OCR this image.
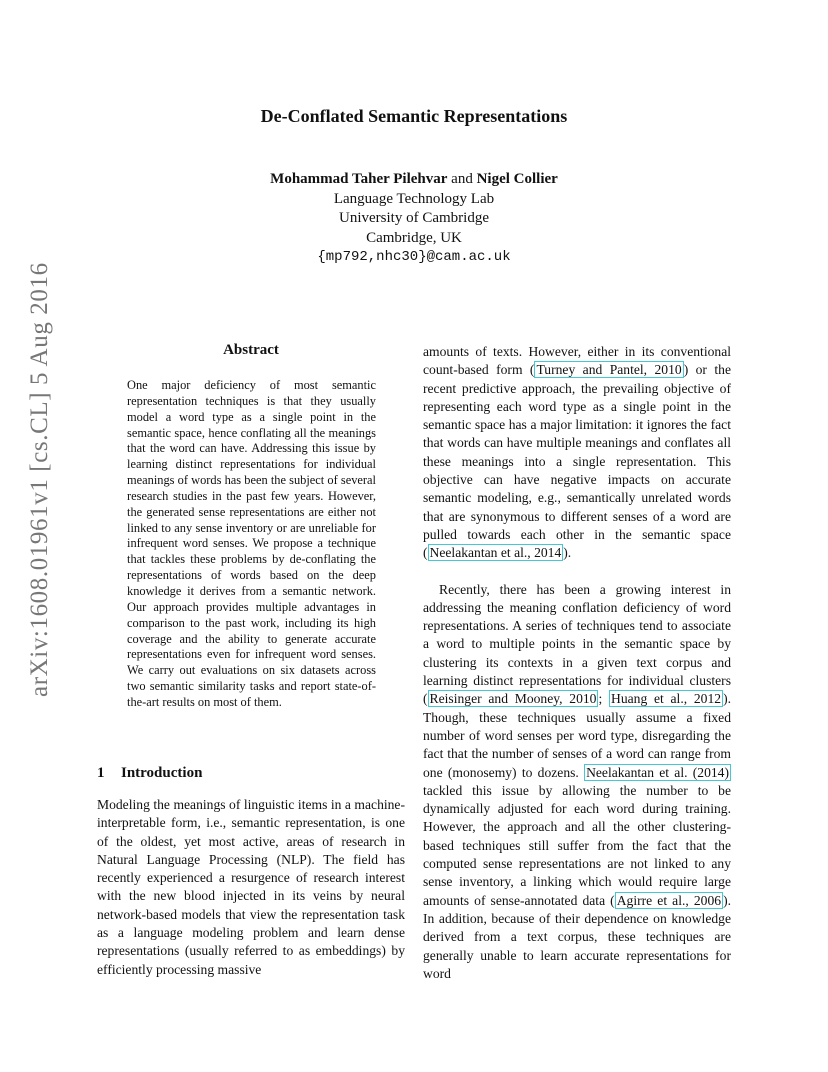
arXiv:1608.01961v1 [cs.CL] 5 Aug 2016
De-Conflated Semantic Representations
Mohammad Taher Pilehvar and Nigel Collier
Language Technology Lab
University of Cambridge
Cambridge, UK
{mp792,nhc30}@cam.ac.uk
Abstract
One major deficiency of most semantic representation techniques is that they usually model a word type as a single point in the semantic space, hence conflating all the meanings that the word can have. Addressing this issue by learning distinct representations for individual meanings of words has been the subject of several research studies in the past few years. However, the generated sense representations are either not linked to any sense inventory or are unreliable for infrequent word senses. We propose a technique that tackles these problems by de-conflating the representations of words based on the deep knowledge it derives from a semantic network. Our approach provides multiple advantages in comparison to the past work, including its high coverage and the ability to generate accurate representations even for infrequent word senses. We carry out evaluations on six datasets across two semantic similarity tasks and report state-of-the-art results on most of them.
1 Introduction
Modeling the meanings of linguistic items in a machine-interpretable form, i.e., semantic representation, is one of the oldest, yet most active, areas of research in Natural Language Processing (NLP). The field has recently experienced a resurgence of research interest with the new blood injected in its veins by neural network-based models that view the representation task as a language modeling problem and learn dense representations (usually referred to as embeddings) by efficiently processing massive

amounts of texts. However, either in its conventional count-based form ( Turney and Pantel, 2010 ) or the recent predictive approach, the prevailing objective of representing each word type as a single point in the semantic space has a major limitation: it ignores the fact that words can have multiple meanings and conflates all these meanings into a single representation. This objective can have negative impacts on accurate semantic modeling, e.g., semantically unrelated words that are synonymous to different senses of a word are pulled towards each other in the semantic space ( Neelakantan et al., 2014 ).

Recently, there has been a growing interest in addressing the meaning conflation deficiency of word representations. A series of techniques tend to associate a word to multiple points in the semantic space by clustering its contexts in a given text corpus and learning distinct representations for individual clusters ( Reisinger and Mooney, 2010 ; Huang et al., 2012 ). Though, these techniques usually assume a fixed number of word senses per word type, disregarding the fact that the number of senses of a word can range from one (monosemy) to dozens. Neelakantan et al. (2014) tackled this issue by allowing the number to be dynamically adjusted for each word during training. However, the approach and all the other clustering-based techniques still suffer from the fact that the computed sense representations are not linked to any sense inventory, a linking which would require large amounts of sense-annotated data ( Agirre et al., 2006 ). In addition, because of their dependence on knowledge derived from a text corpus, these techniques are generally unable to learn accurate representations for word
